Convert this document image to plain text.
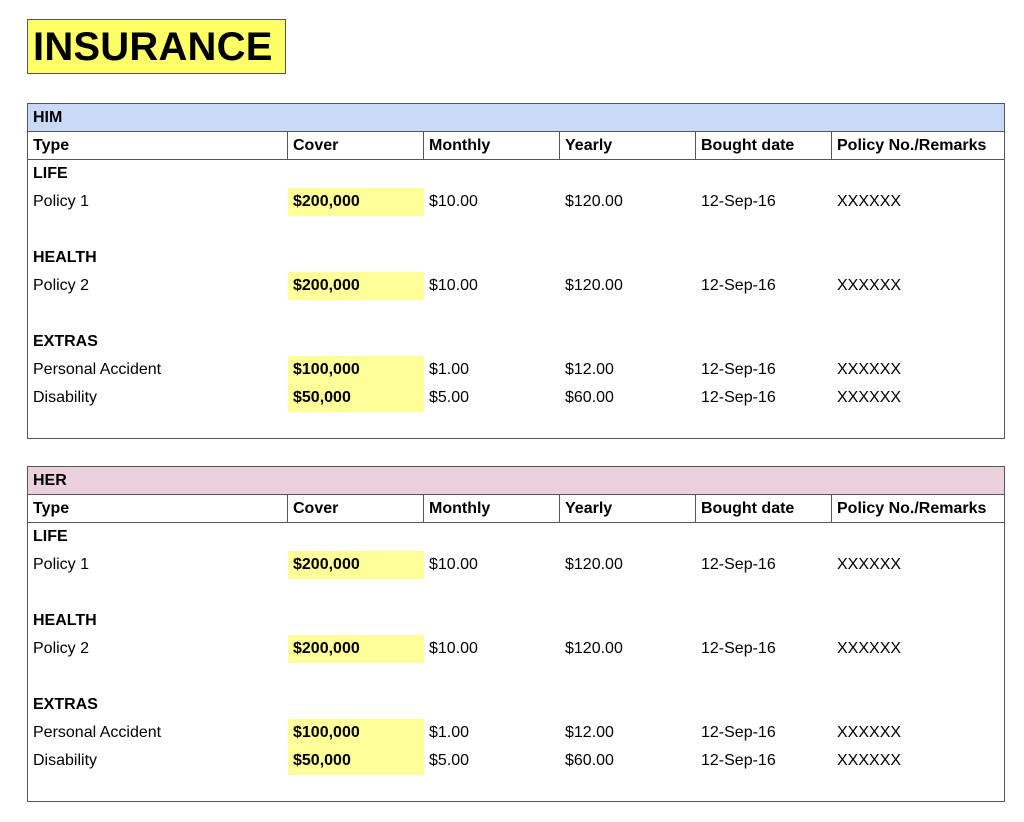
INSURANCE
HIM
Type	Cover	Monthly	Yearly	Bought date	Policy No./Remarks
LIFE
Policy 1	$200,000	$10.00	$120.00	12-Sep-16	XXXXXX
HEALTH
Policy 2	$200,000	$10.00	$120.00	12-Sep-16	XXXXXX
EXTRAS
Personal Accident	$100,000	$1.00	$12.00	12-Sep-16	XXXXXX
Disability	$50,000	$5.00	$60.00	12-Sep-16	XXXXXX
HER
Type	Cover	Monthly	Yearly	Bought date	Policy No./Remarks
LIFE
Policy 1	$200,000	$10.00	$120.00	12-Sep-16	XXXXXX
HEALTH
Policy 2	$200,000	$10.00	$120.00	12-Sep-16	XXXXXX
EXTRAS
Personal Accident	$100,000	$1.00	$12.00	12-Sep-16	XXXXXX
Disability	$50,000	$5.00	$60.00	12-Sep-16	XXXXXX
